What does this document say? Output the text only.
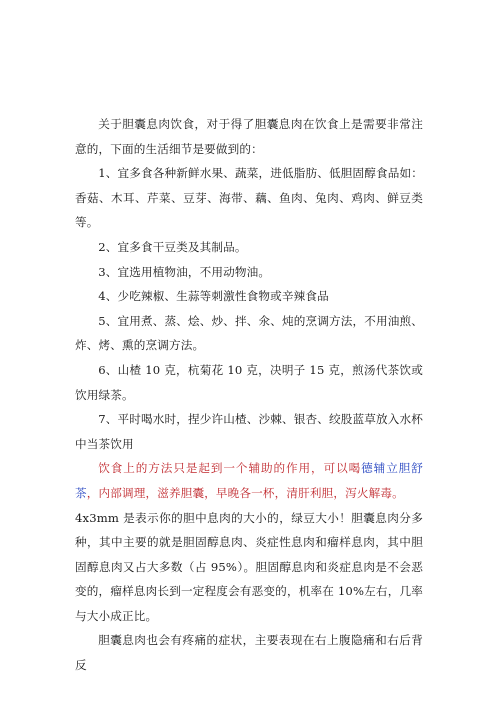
关于胆囊息肉饮食，对于得了胆囊息肉在饮食上是需要非常注意的，下面的生活细节是要做到的：

1、宜多食各种新鲜水果、蔬菜，进低脂肪、低胆固醇食品如：香菇、木耳、芹菜、豆芽、海带、藕、鱼肉、兔肉、鸡肉、鲜豆类等。

2、宜多食干豆类及其制品。

3、宜选用植物油，不用动物油。

4、少吃辣椒、生蒜等刺激性食物或辛辣食品

5、宜用煮、蒸、烩、炒、拌、氽、炖的烹调方法，不用油煎、炸、烤、熏的烹调方法。

6、山楂 10 克，杭菊花 10 克，决明子 15 克，煎汤代茶饮或饮用绿茶。

7、平时喝水时，捏少许山楂、沙棘、银杏、绞股蓝草放入水杯中当茶饮用

饮食上的方法只是起到一个辅助的作用，可以喝德辅立胆舒茶，内部调理，滋养胆囊，早晚各一杯，清肝利胆，泻火解毒。

4x3mm 是表示你的胆中息肉的大小的，绿豆大小！胆囊息肉分多种，其中主要的就是胆固醇息肉、炎症性息肉和瘤样息肉，其中胆固醇息肉又占大多数（占 95%）。胆固醇息肉和炎症息肉是不会恶变的，瘤样息肉长到一定程度会有恶变的，机率在 10%左右，几率与大小成正比。

胆囊息肉也会有疼痛的症状，主要表现在右上腹隐痛和右后背反
